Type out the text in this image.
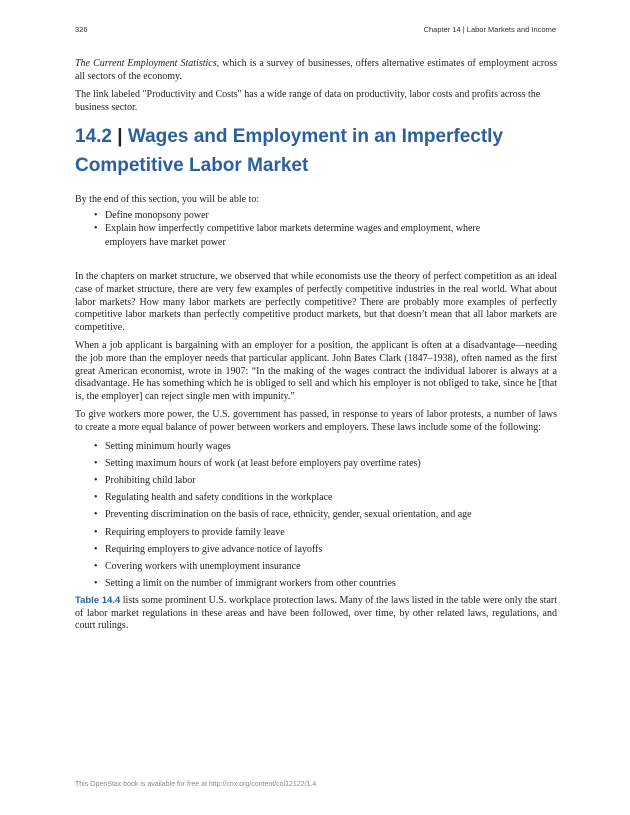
326	Chapter 14 | Labor Markets and Income

The Current Employment Statistics, which is a survey of businesses, offers alternative estimates of employment across all sectors of the economy.

The link labeled "Productivity and Costs" has a wide range of data on productivity, labor costs and profits across the business sector.

14.2 | Wages and Employment in an Imperfectly Competitive Labor Market

By the end of this section, you will be able to:

• Define monopsony power
• Explain how imperfectly competitive labor markets determine wages and employment, where employers have market power

In the chapters on market structure, we observed that while economists use the theory of perfect competition as an ideal case of market structure, there are very few examples of perfectly competitive industries in the real world. What about labor markets? How many labor markets are perfectly competitive? There are probably more examples of perfectly competitive labor markets than perfectly competitive product markets, but that doesn’t mean that all labor markets are competitive.

When a job applicant is bargaining with an employer for a position, the applicant is often at a disadvantage—needing the job more than the employer needs that particular applicant. John Bates Clark (1847–1938), often named as the first great American economist, wrote in 1907: “In the making of the wages contract the individual laborer is always at a disadvantage. He has something which he is obliged to sell and which his employer is not obliged to take, since he [that is, the employer] can reject single men with impunity.”

To give workers more power, the U.S. government has passed, in response to years of labor protests, a number of laws to create a more equal balance of power between workers and employers. These laws include some of the following:

• Setting minimum hourly wages
• Setting maximum hours of work (at least before employers pay overtime rates)
• Prohibiting child labor
• Regulating health and safety conditions in the workplace
• Preventing discrimination on the basis of race, ethnicity, gender, sexual orientation, and age
• Requiring employers to provide family leave
• Requiring employers to give advance notice of layoffs
• Covering workers with unemployment insurance
• Setting a limit on the number of immigrant workers from other countries

Table 14.4 lists some prominent U.S. workplace protection laws. Many of the laws listed in the table were only the start of labor market regulations in these areas and have been followed, over time, by other related laws, regulations, and court rulings.

This OpenStax book is available for free at http://cnx.org/content/col12122/1.4
